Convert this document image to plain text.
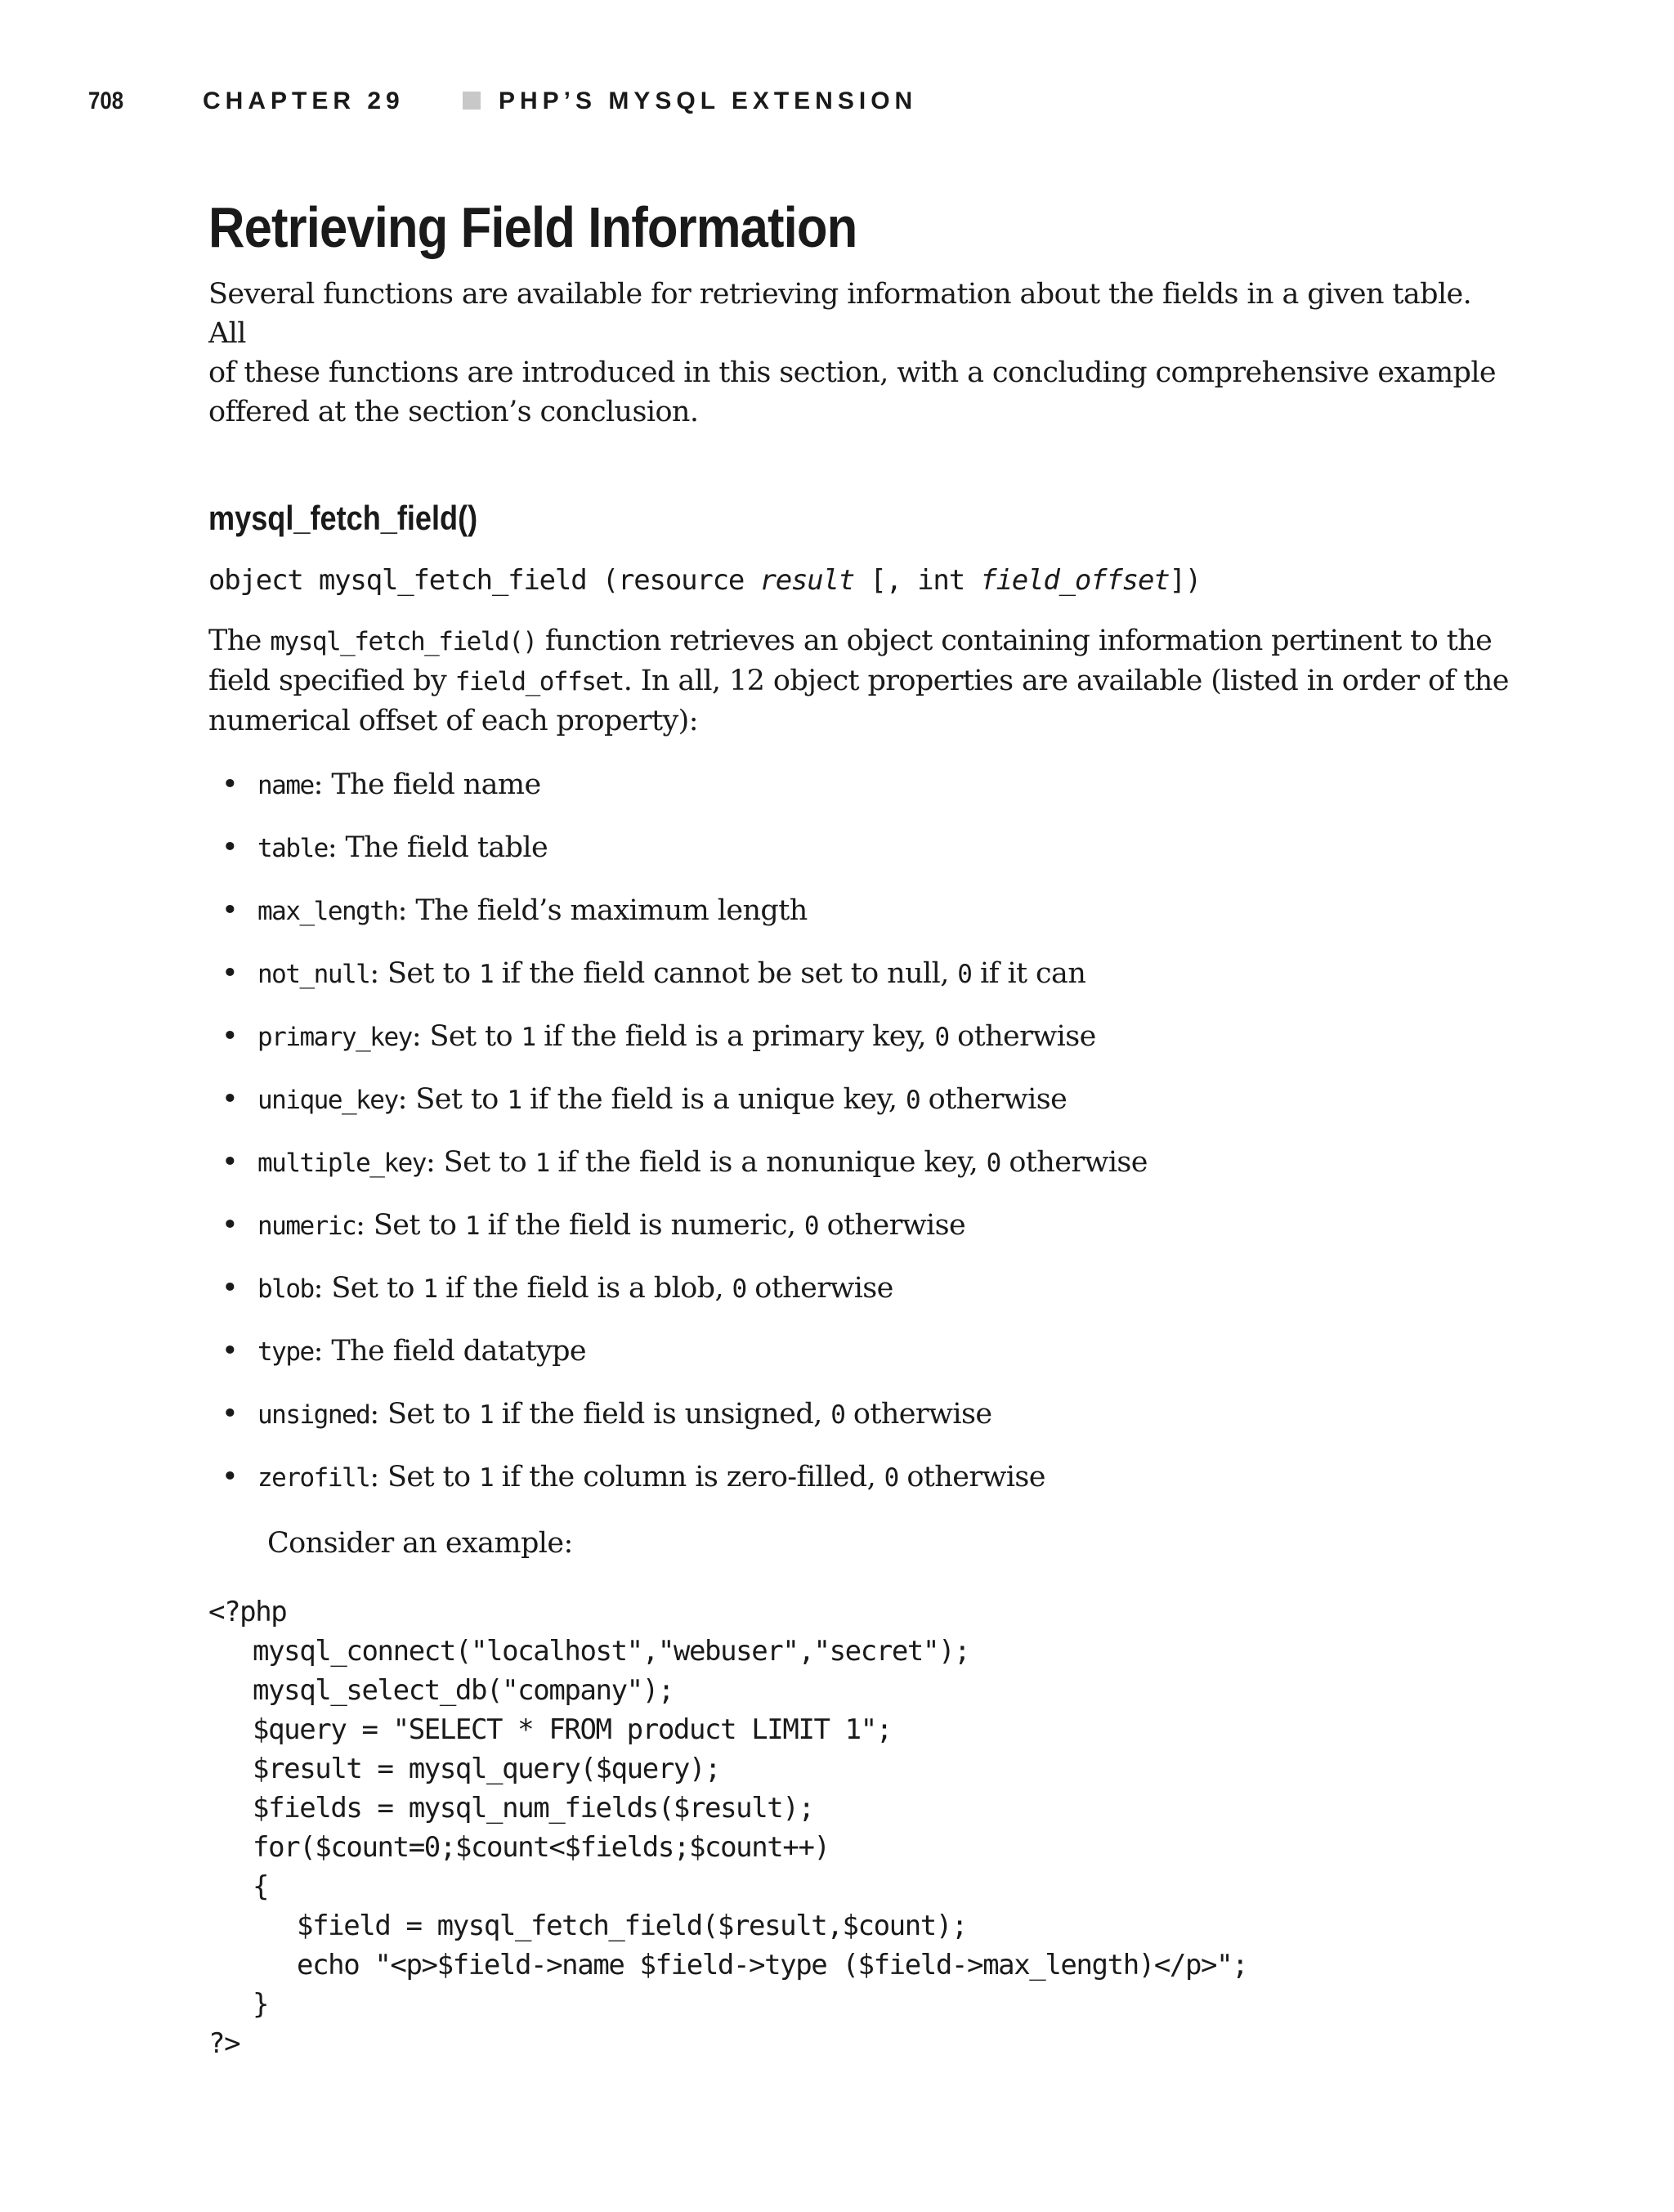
708	CHAPTER 29	PHP’S MYSQL EXTENSION
Retrieving Field Information

Several functions are available for retrieving information about the fields in a given table. All
of these functions are introduced in this section, with a concluding comprehensive example
offered at the section’s conclusion.

mysql_fetch_field()
object mysql_fetch_field (resource result [, int field_offset])

The mysql_fetch_field() function retrieves an object containing information pertinent to the field specified by field_offset. In all, 12 object properties are available (listed in order of the numerical offset of each property):

• name: The field name
• table: The field table
• max_length: The field’s maximum length
• not_null: Set to 1 if the field cannot be set to null, 0 if it can
• primary_key: Set to 1 if the field is a primary key, 0 otherwise
• unique_key: Set to 1 if the field is a unique key, 0 otherwise
• multiple_key: Set to 1 if the field is a nonunique key, 0 otherwise
• numeric: Set to 1 if the field is numeric, 0 otherwise
• blob: Set to 1 if the field is a blob, 0 otherwise
• type: The field datatype
• unsigned: Set to 1 if the field is unsigned, 0 otherwise
• zerofill: Set to 1 if the column is zero-filled, 0 otherwise

Consider an example:

<?php
mysql_connect("localhost","webuser","secret");
mysql_select_db("company");
$query = "SELECT * FROM product LIMIT 1";
$result = mysql_query($query);
$fields = mysql_num_fields($result);
for($count=0;$count<$fields;$count++)
{
$field = mysql_fetch_field($result,$count);
echo "<p>$field->name $field->type ($field->max_length)</p>";
}
?>
